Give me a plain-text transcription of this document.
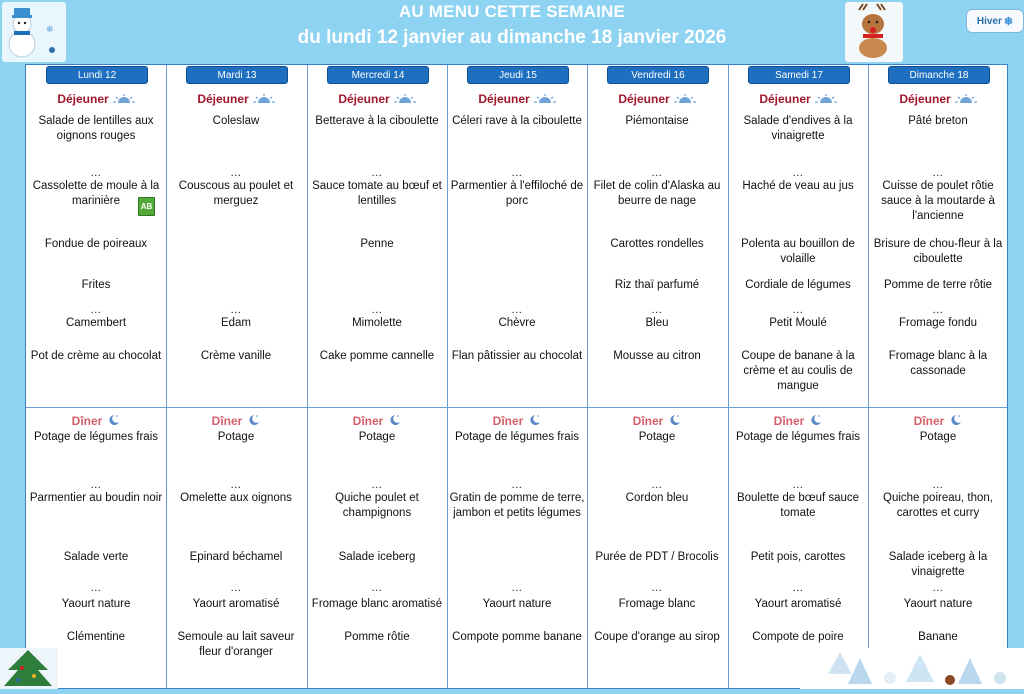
AU MENU CETTE SEMAINE
du lundi 12 janvier au dimanche 18 janvier 2026
❄
Hiver ❄
Lundi 12
Déjeuner
Salade de lentilles aux oignons rouges
Cassolette de moule à la marinière
Fondue de poireaux
Frites
Camembert
Pot de crème au chocolat
...
...
Dîner
Potage de légumes frais
Parmentier au boudin noir
Salade verte
Yaourt nature
Clémentine
...
...
AB
Mardi 13
Déjeuner
Coleslaw
Couscous au poulet et merguez
Edam
Crème vanille
...
...
Dîner
Potage
Omelette aux oignons
Epinard béchamel
Yaourt aromatisé
Semoule au lait saveur fleur d'oranger
...
...
Mercredi 14
Déjeuner
Betterave à la ciboulette
Sauce tomate au bœuf et lentilles
Penne
Mimolette
Cake pomme cannelle
...
...
Dîner
Potage
Quiche poulet et champignons
Salade iceberg
Fromage blanc aromatisé
Pomme rôtie
...
...
Jeudi 15
Déjeuner
Céleri rave à la ciboulette
Parmentier à l'effiloché de porc
Chèvre
Flan pâtissier au chocolat
...
...
Dîner
Potage de légumes frais
Gratin de pomme de terre, jambon et petits légumes
Yaourt nature
Compote pomme banane
...
...
Vendredi 16
Déjeuner
Piémontaise
Filet de colin d'Alaska au beurre de nage
Carottes rondelles
Riz thaï parfumé
Bleu
Mousse au citron
...
...
Dîner
Potage
Cordon bleu
Purée de PDT / Brocolis
Fromage blanc
Coupe d'orange au sirop
...
...
Samedi 17
Déjeuner
Salade d'endives à la vinaigrette
Haché de veau au jus
Polenta au bouillon de volaille
Cordiale de légumes
Petit Moulé
Coupe de banane à la crème et au coulis de mangue
...
...
Dîner
Potage de légumes frais
Boulette de bœuf sauce tomate
Petit pois, carottes
Yaourt aromatisé
Compote de poire
...
...
Dimanche 18
Déjeuner
Pâté breton
Cuisse de poulet rôtie sauce à la moutarde à l'ancienne
Brisure de chou-fleur à la ciboulette
Pomme de terre rôtie
Fromage fondu
Fromage blanc à la cassonade
...
...
Dîner
Potage
Quiche poireau, thon, carottes et curry
Salade iceberg à la vinaigrette
Yaourt nature
Banane
...
...
